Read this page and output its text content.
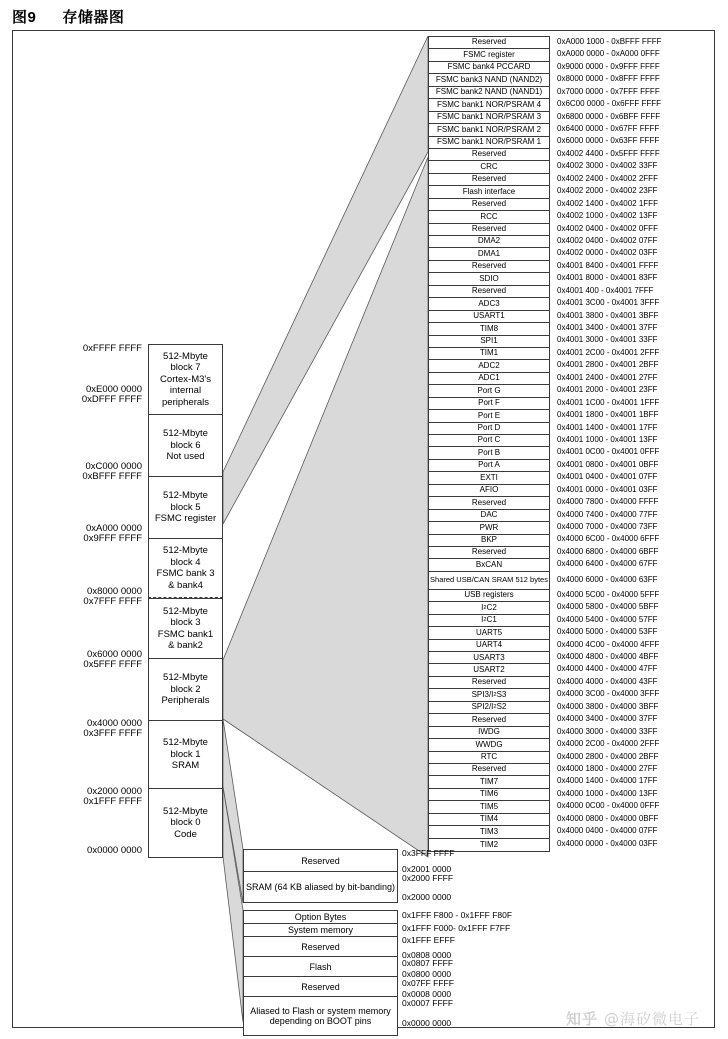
图9 存储器图
0xFFFF FFFF
0xE000 0000
0xDFFF FFFF
0xC000 0000
0xBFFF FFFF
0xA000 0000
0x9FFF FFFF
0x8000 0000
0x7FFF FFFF
0x6000 0000
0x5FFF FFFF
0x4000 0000
0x3FFF FFFF
0x2000 0000
0x1FFF FFFF
0x0000 0000
512-Mbyte
block 7
Cortex-M3's
internal
peripherals
512-Mbyte
block 6
Not used
512-Mbyte
block 5
FSMC register
512-Mbyte
block 4
FSMC bank 3
& bank4
512-Mbyte
block 3
FSMC bank1
& bank2
512-Mbyte
block 2
Peripherals
512-Mbyte
block 1
SRAM
512-Mbyte
block 0
Code
Reserved
FSMC register
FSMC bank4 PCCARD
FSMC bank3 NAND (NAND2)
FSMC bank2 NAND (NAND1)
FSMC bank1 NOR/PSRAM 4
FSMC bank1 NOR/PSRAM 3
FSMC bank1 NOR/PSRAM 2
FSMC bank1 NOR/PSRAM 1
Reserved
CRC
Reserved
Flash interface
Reserved
RCC
Reserved
DMA2
DMA1
Reserved
SDIO
Reserved
ADC3
USART1
TIM8
SPI1
TIM1
ADC2
ADC1
Port G
Port F
Port E
Port D
Port C
Port B
Port A
EXTI
AFIO
Reserved
DAC
PWR
BKP
Reserved
BxCAN
Shared USB/CAN SRAM 512 bytes
USB registers
I 2 C2
I 2 C1
UART5
UART4
USART3
USART2
Reserved
SPI3/I 2 S3
SPI2/I 2 S2
Reserved
IWDG
WWDG
RTC
Reserved
TIM7
TIM6
TIM5
TIM4
TIM3
TIM2
0xA000 1000 - 0xBFFF FFFF
0xA000 0000 - 0xA000 0FFF
0x9000 0000 - 0x9FFF FFFF
0x8000 0000 - 0x8FFF FFFF
0x7000 0000 - 0x7FFF FFFF
0x6C00 0000 - 0x6FFF FFFF
0x6800 0000 - 0x6BFF FFFF
0x6400 0000 - 0x67FF FFFF
0x6000 0000 - 0x63FF FFFF
0x4002 4400 - 0x5FFF FFFF
0x4002 3000 - 0x4002 33FF
0x4002 2400 - 0x4002 2FFF
0x4002 2000 - 0x4002 23FF
0x4002 1400 - 0x4002 1FFF
0x4002 1000 - 0x4002 13FF
0x4002 0400 - 0x4002 0FFF
0x4002 0400 - 0x4002 07FF
0x4002 0000 - 0x4002 03FF
0x4001 8400 - 0x4001 FFFF
0x4001 8000 - 0x4001 83FF
0x4001 400 - 0x4001 7FFF
0x4001 3C00 - 0x4001 3FFF
0x4001 3800 - 0x4001 3BFF
0x4001 3400 - 0x4001 37FF
0x4001 3000 - 0x4001 33FF
0x4001 2C00 - 0x4001 2FFF
0x4001 2800 - 0x4001 2BFF
0x4001 2400 - 0x4001 27FF
0x4001 2000 - 0x4001 23FF
0x4001 1C00 - 0x4001 1FFF
0x4001 1800 - 0x4001 1BFF
0x4001 1400 - 0x4001 17FF
0x4001 1000 - 0x4001 13FF
0x4001 0C00 - 0x4001 0FFF
0x4001 0800 - 0x4001 0BFF
0x4001 0400 - 0x4001 07FF
0x4001 0000 - 0x4001 03FF
0x4000 7800 - 0x4000 FFFF
0x4000 7400 - 0x4000 77FF
0x4000 7000 - 0x4000 73FF
0x4000 6C00 - 0x4000 6FFF
0x4000 6800 - 0x4000 6BFF
0x4000 6400 - 0x4000 67FF
0x4000 6000 - 0x4000 63FF
0x4000 5C00 - 0x4000 5FFF
0x4000 5800 - 0x4000 5BFF
0x4000 5400 - 0x4000 57FF
0x4000 5000 - 0x4000 53FF
0x4000 4C00 - 0x4000 4FFF
0x4000 4800 - 0x4000 4BFF
0x4000 4400 - 0x4000 47FF
0x4000 4000 - 0x4000 43FF
0x4000 3C00 - 0x4000 3FFF
0x4000 3800 - 0x4000 3BFF
0x4000 3400 - 0x4000 37FF
0x4000 3000 - 0x4000 33FF
0x4000 2C00 - 0x4000 2FFF
0x4000 2800 - 0x4000 2BFF
0x4000 1800 - 0x4000 27FF
0x4000 1400 - 0x4000 17FF
0x4000 1000 - 0x4000 13FF
0x4000 0C00 - 0x4000 0FFF
0x4000 0800 - 0x4000 0BFF
0x4000 0400 - 0x4000 07FF
0x4000 0000 - 0x4000 03FF
Reserved
SRAM (64 KB aliased by bit-banding)
0x3FFF FFFF
0x2001 0000
0x2000 FFFF
0x2000 0000
Option Bytes
System memory
Reserved
Flash
Reserved
Aliased to Flash or system memory depending on BOOT pins
0x1FFF F800 - 0x1FFF F80F
0x1FFF F000- 0x1FFF F7FF
0x1FFF EFFF
0x0808 0000
0x0807 FFFF
0x0800 0000
0x07FF FFFF
0x0008 0000
0x0007 FFFF
0x0000 0000	知乎 @海矽微电子
